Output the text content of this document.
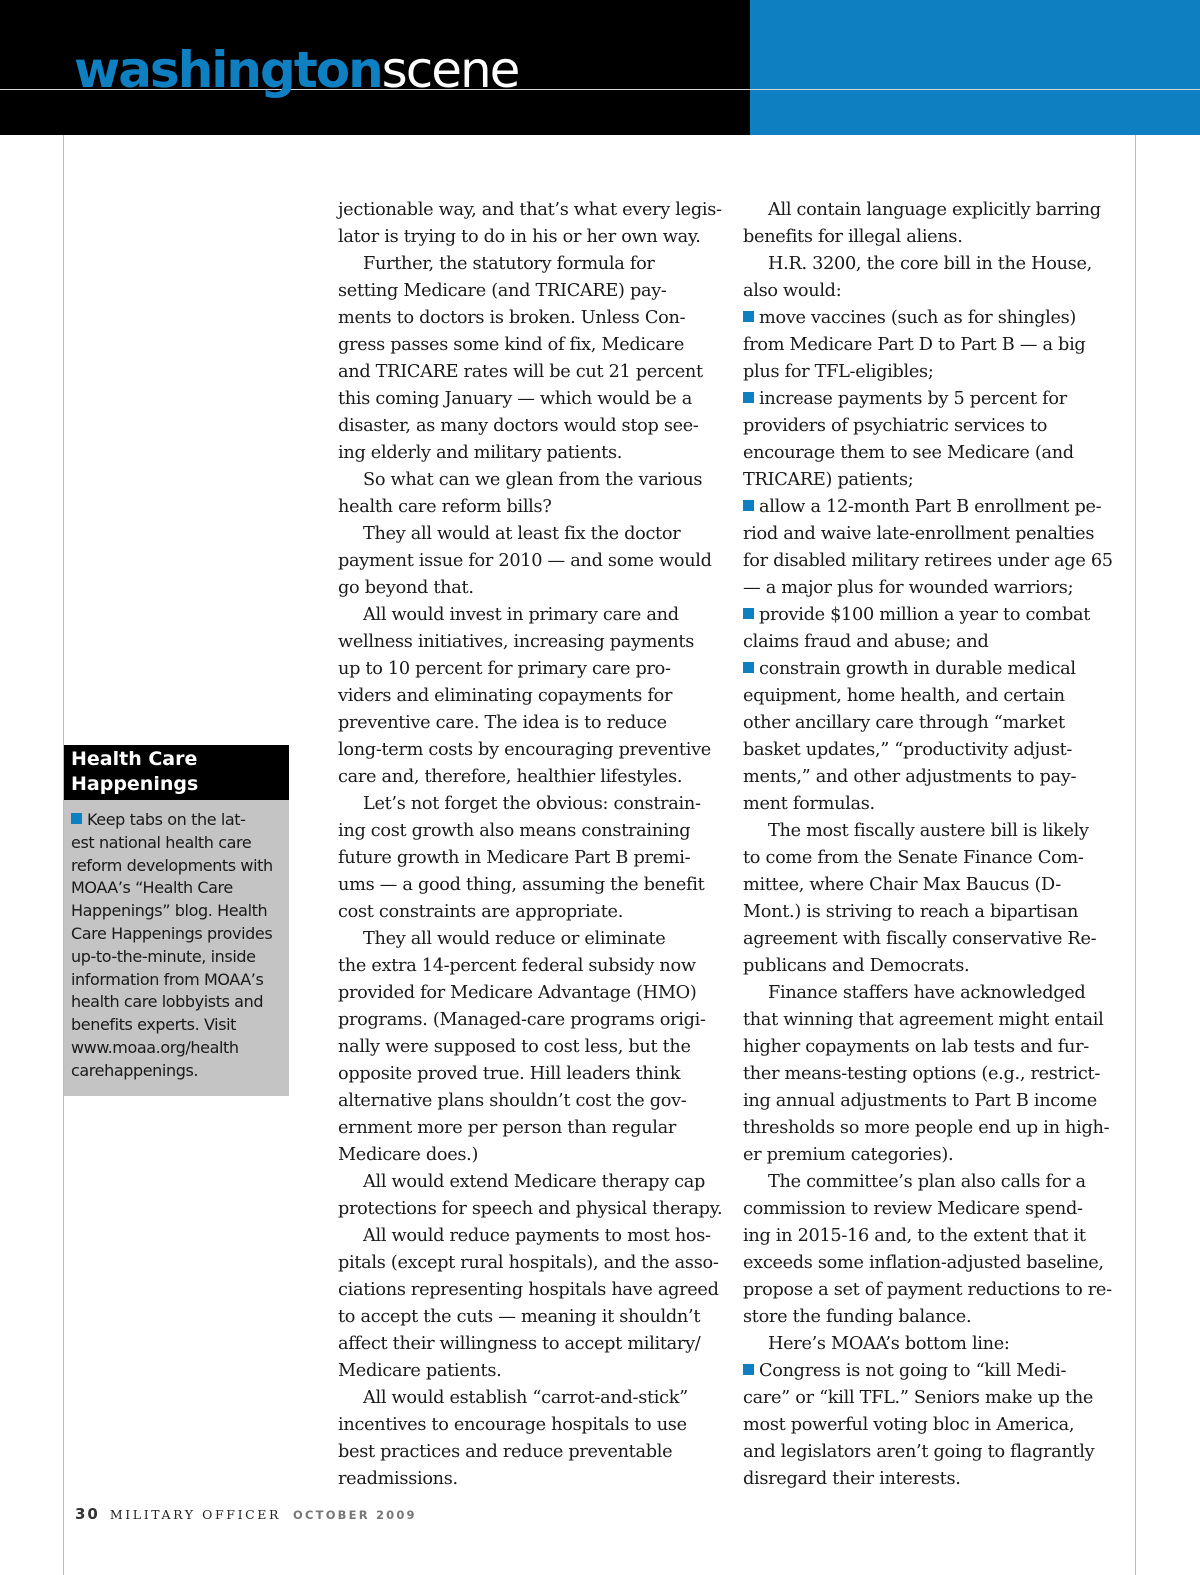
washingtonscene
Health Care
Happenings
Keep tabs on the lat-
est national health care
reform developments with
MOAA’s “Health Care
Happenings” blog. Health
Care Happenings provides
up-to-the-minute, inside
information from MOAA’s
health care lobbyists and
benefits experts. Visit
www.moaa.org/health
carehappenings.

jectionable way, and that’s what every legis-

lator is trying to do in his or her own way.

Further, the statutory formula for

setting Medicare (and TRICARE) pay-

ments to doctors is broken. Unless Con-

gress passes some kind of fix, Medicare

and TRICARE rates will be cut 21 percent

this coming January — which would be a

disaster, as many doctors would stop see-

ing elderly and military patients.

So what can we glean from the various

health care reform bills?

They all would at least fix the doctor

payment issue for 2010 — and some would

go beyond that.

All would invest in primary care and

wellness initiatives, increasing payments

up to 10 percent for primary care pro-

viders and eliminating copayments for

preventive care. The idea is to reduce

long-term costs by encouraging preventive

care and, therefore, healthier lifestyles.

Let’s not forget the obvious: constrain-

ing cost growth also means constraining

future growth in Medicare Part B premi-

ums — a good thing, assuming the benefit

cost constraints are appropriate.

They all would reduce or eliminate

the extra 14-percent federal subsidy now

provided for Medicare Advantage (HMO)

programs. (Managed-care programs origi-

nally were supposed to cost less, but the

opposite proved true. Hill leaders think

alternative plans shouldn’t cost the gov-

ernment more per person than regular

Medicare does.)

All would extend Medicare therapy cap

protections for speech and physical therapy.

All would reduce payments to most hos-

pitals (except rural hospitals), and the asso-

ciations representing hospitals have agreed

to accept the cuts — meaning it shouldn’t

affect their willingness to accept military/

Medicare patients.

All would establish “carrot-and-stick”

incentives to encourage hospitals to use

best practices and reduce preventable

readmissions.

All contain language explicitly barring

benefits for illegal aliens.

H.R. 3200, the core bill in the House,

also would:

move vaccines (such as for shingles)

from Medicare Part D to Part B — a big

plus for TFL-eligibles;

increase payments by 5 percent for

providers of psychiatric services to

encourage them to see Medicare (and

TRICARE) patients;

allow a 12-month Part B enrollment pe-

riod and waive late-enrollment penalties

for disabled military retirees under age 65

— a major plus for wounded warriors;

provide $100 million a year to combat

claims fraud and abuse; and

constrain growth in durable medical

equipment, home health, and certain

other ancillary care through “market

basket updates,” “productivity adjust-

ments,” and other adjustments to pay-

ment formulas.

The most fiscally austere bill is likely

to come from the Senate Finance Com-

mittee, where Chair Max Baucus (D-

Mont.) is striving to reach a bipartisan

agreement with fiscally conservative Re-

publicans and Democrats.

Finance staffers have acknowledged

that winning that agreement might entail

higher copayments on lab tests and fur-

ther means-testing options (e.g., restrict-

ing annual adjustments to Part B income

thresholds so more people end up in high-

er premium categories).

The committee’s plan also calls for a

commission to review Medicare spend-

ing in 2015-16 and, to the extent that it

exceeds some inflation-adjusted baseline,

propose a set of payment reductions to re-

store the funding balance.

Here’s MOAA’s bottom line:

Congress is not going to “kill Medi-

care” or “kill TFL.” Seniors make up the

most powerful voting bloc in America,

and legislators aren’t going to flagrantly

disregard their interests.

30 MILITARY OFFICER OCTOBER 2009
